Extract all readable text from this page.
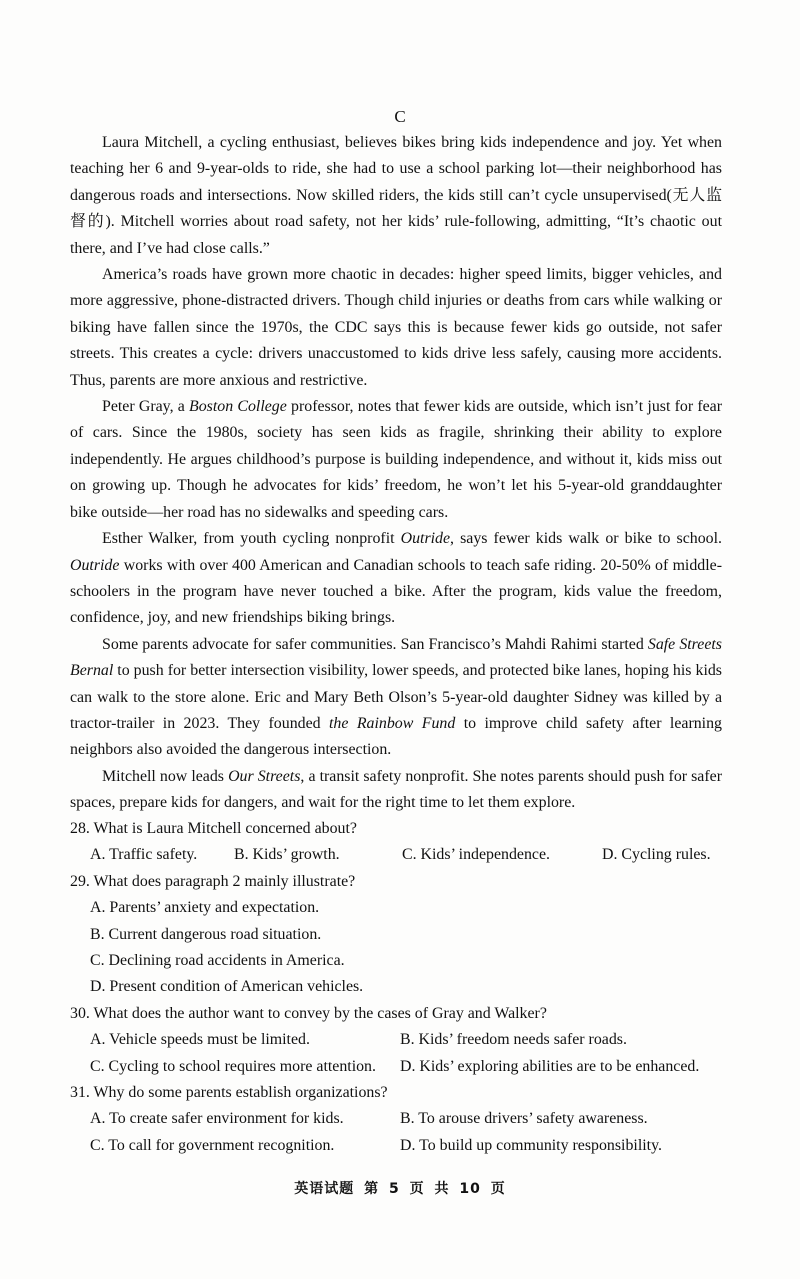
C

Laura Mitchell, a cycling enthusiast, believes bikes bring kids independence and joy. Yet when teaching her 6 and 9-year-olds to ride, she had to use a school parking lot—their neighborhood has dangerous roads and intersections. Now skilled riders, the kids still can’t cycle unsupervised(无人监督的). Mitchell worries about road safety, not her kids’ rule-following, admitting, “It’s chaotic out there, and I’ve had close calls.”

America’s roads have grown more chaotic in decades: higher speed limits, bigger vehicles, and more aggressive, phone-distracted drivers. Though child injuries or deaths from cars while walking or biking have fallen since the 1970s, the CDC says this is because fewer kids go outside, not safer streets. This creates a cycle: drivers unaccustomed to kids drive less safely, causing more accidents. Thus, parents are more anxious and restrictive.

Peter Gray, a Boston College professor, notes that fewer kids are outside, which isn’t just for fear of cars. Since the 1980s, society has seen kids as fragile, shrinking their ability to explore independently. He argues childhood’s purpose is building independence, and without it, kids miss out on growing up. Though he advocates for kids’ freedom, he won’t let his 5-year-old granddaughter bike outside—her road has no sidewalks and speeding cars.

Esther Walker, from youth cycling nonprofit Outride, says fewer kids walk or bike to school. Outride works with over 400 American and Canadian schools to teach safe riding. 20-50% of middle-schoolers in the program have never touched a bike. After the program, kids value the freedom, confidence, joy, and new friendships biking brings.

Some parents advocate for safer communities. San Francisco’s Mahdi Rahimi started Safe Streets Bernal to push for better intersection visibility, lower speeds, and protected bike lanes, hoping his kids can walk to the store alone. Eric and Mary Beth Olson’s 5-year-old daughter Sidney was killed by a tractor-trailer in 2023. They founded the Rainbow Fund to improve child safety after learning neighbors also avoided the dangerous intersection.

Mitchell now leads Our Streets, a transit safety nonprofit. She notes parents should push for safer spaces, prepare kids for dangers, and wait for the right time to let them explore.

28. What is Laura Mitchell concerned about?

A. Traffic safety.	B. Kids’ growth.	C. Kids’ independence.	D. Cycling rules.

29. What does paragraph 2 mainly illustrate?

A. Parents’ anxiety and expectation.
B. Current dangerous road situation.
C. Declining road accidents in America.
D. Present condition of American vehicles.

30. What does the author want to convey by the cases of Gray and Walker?

A. Vehicle speeds must be limited.	B. Kids’ freedom needs safer roads.
C. Cycling to school requires more attention.	D. Kids’ exploring abilities are to be enhanced.

31. Why do some parents establish organizations?

A. To create safer environment for kids.	B. To arouse drivers’ safety awareness.
C. To call for government recognition.	D. To build up community responsibility.
英语试题 第 5 页 共 10 页
